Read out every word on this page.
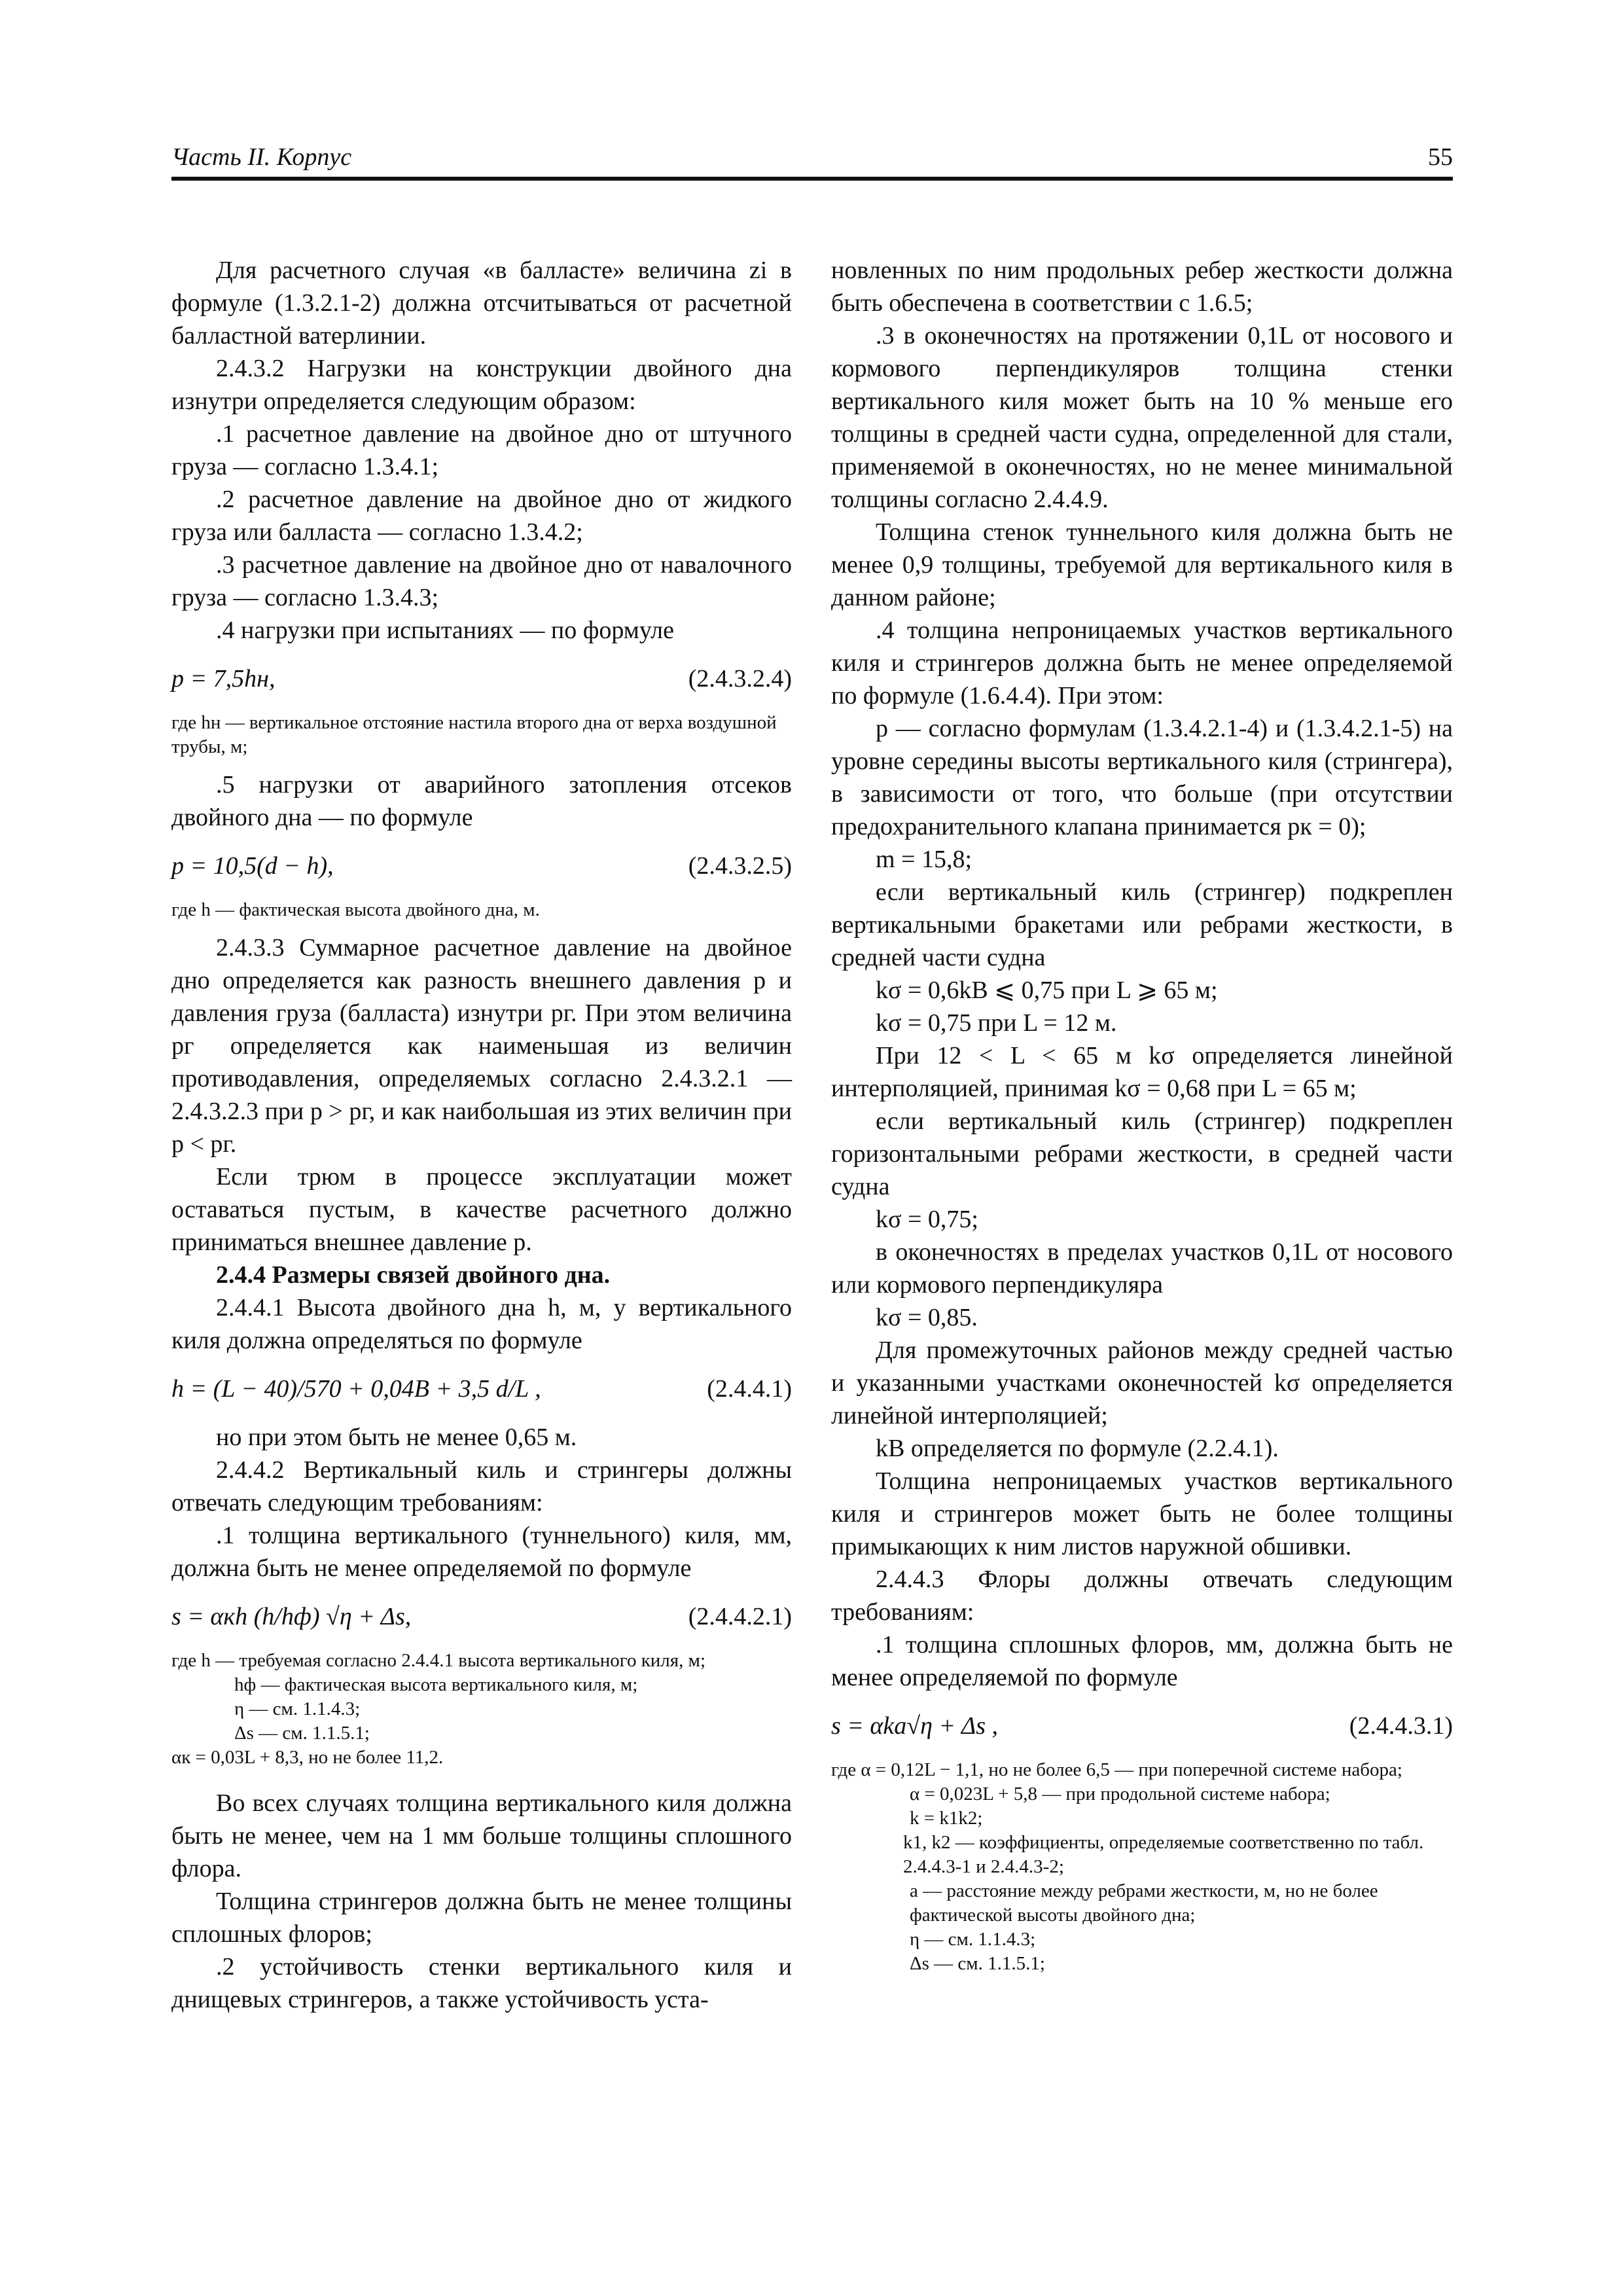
Часть II. Корпус	55

Для расчетного случая «в балласте» величина zi в формуле (1.3.2.1-2) должна отсчитываться от расчетной балластной ватерлинии.

2.4.3.2 Нагрузки на конструкции двойного дна изнутри определяется следующим образом:

.1 расчетное давление на двойное дно от штучного груза — согласно 1.3.4.1;

.2 расчетное давление на двойное дно от жидкого груза или балласта — согласно 1.3.4.2;

.3 расчетное давление на двойное дно от навалочного груза — согласно 1.3.4.3;

.4 нагрузки при испытаниях — по формуле

p = 7,5hн,	(2.4.3.2.4)

где hн — вертикальное отстояние настила второго дна от верха воздушной трубы, м;

.5 нагрузки от аварийного затопления отсеков двойного дна — по формуле

p = 10,5(d − h),	(2.4.3.2.5)

где h — фактическая высота двойного дна, м.

2.4.3.3 Суммарное расчетное давление на двойное дно определяется как разность внешнего давления p и давления груза (балласта) изнутри pг. При этом величина pг определяется как наименьшая из величин противодавления, определяемых согласно 2.4.3.2.1 — 2.4.3.2.3 при p > pг, и как наибольшая из этих величин при p < pг.

Если трюм в процессе эксплуатации может оставаться пустым, в качестве расчетного должно приниматься внешнее давление p.

2.4.4 Размеры связей двойного дна.

2.4.4.1 Высота двойного дна h, м, у вертикального киля должна определяться по формуле

h = (L − 40)/570 + 0,04B + 3,5 d/L ,	(2.4.4.1)

но при этом быть не менее 0,65 м.

2.4.4.2 Вертикальный киль и стрингеры должны отвечать следующим требованиям:

.1 толщина вертикального (туннельного) киля, мм, должна быть не менее определяемой по формуле

s = αкh (h/hф) √η + Δs,	(2.4.4.2.1)

где h — требуемая согласно 2.4.4.1 высота вертикального киля, м;

hф — фактическая высота вертикального киля, м;

η — см. 1.1.4.3;

Δs — см. 1.1.5.1;

αк = 0,03L + 8,3, но не более 11,2.

Во всех случаях толщина вертикального киля должна быть не менее, чем на 1 мм больше толщины сплошного флора.

Толщина стрингеров должна быть не менее толщины сплошных флоров;

.2 устойчивость стенки вертикального киля и днищевых стрингеров, а также устойчивость уста-

новленных по ним продольных ребер жесткости должна быть обеспечена в соответствии с 1.6.5;

.3 в оконечностях на протяжении 0,1L от носового и кормового перпендикуляров толщина стенки вертикального киля может быть на 10 % меньше его толщины в средней части судна, определенной для стали, применяемой в оконечностях, но не менее минимальной толщины согласно 2.4.4.9.

Толщина стенок туннельного киля должна быть не менее 0,9 толщины, требуемой для вертикального киля в данном районе;

.4 толщина непроницаемых участков вертикального киля и стрингеров должна быть не менее определяемой по формуле (1.6.4.4). При этом:

p — согласно формулам (1.3.4.2.1-4) и (1.3.4.2.1-5) на уровне середины высоты вертикального киля (стрингера), в зависимости от того, что больше (при отсутствии предохранительного клапана принимается pк = 0);

m = 15,8;

если вертикальный киль (стрингер) подкреплен вертикальными бракетами или ребрами жесткости, в средней части судна

kσ = 0,6kB ⩽ 0,75 при L ⩾ 65 м;

kσ = 0,75 при L = 12 м.

При 12 < L < 65 м kσ определяется линейной интерполяцией, принимая kσ = 0,68 при L = 65 м;

если вертикальный киль (стрингер) подкреплен горизонтальными ребрами жесткости, в средней части судна

kσ = 0,75;

в оконечностях в пределах участков 0,1L от носового или кормового перпендикуляра

kσ = 0,85.

Для промежуточных районов между средней частью и указанными участками оконечностей kσ определяется линейной интерполяцией;

kB определяется по формуле (2.2.4.1).

Толщина непроницаемых участков вертикального киля и стрингеров может быть не более толщины примыкающих к ним листов наружной обшивки.

2.4.4.3 Флоры должны отвечать следующим требованиям:

.1 толщина сплошных флоров, мм, должна быть не менее определяемой по формуле

s = αka√η + Δs ,	(2.4.4.3.1)

где α = 0,12L − 1,1, но не более 6,5 — при поперечной системе набора;

α = 0,023L + 5,8 — при продольной системе набора;

k = k1k2;

k1, k2 — коэффициенты, определяемые соответственно по табл. 2.4.4.3-1 и 2.4.4.3-2;

a — расстояние между ребрами жесткости, м, но не более фактической высоты двойного дна;

η — см. 1.1.4.3;

Δs — см. 1.1.5.1;
